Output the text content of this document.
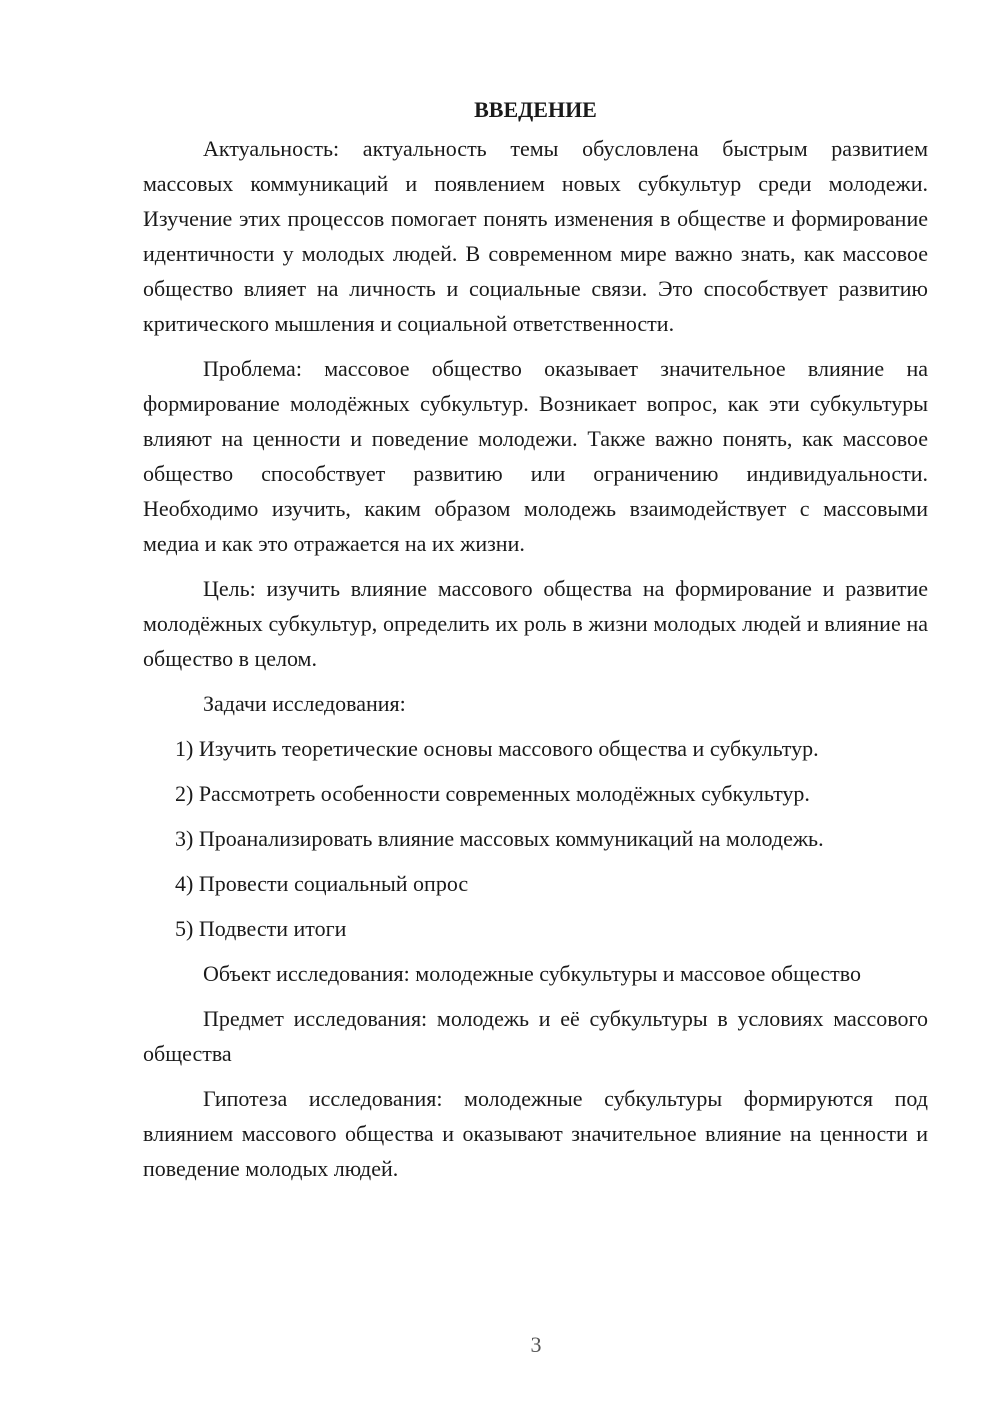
ВВЕДЕНИЕ

Актуальность: актуальность темы обусловлена быстрым развитием массовых коммуникаций и появлением новых субкультур среди молодежи. Изучение этих процессов помогает понять изменения в обществе и формирование идентичности у молодых людей. В современном мире важно знать, как массовое общество влияет на личность и социальные связи. Это способствует развитию критического мышления и социальной ответственности.

Проблема: массовое общество оказывает значительное влияние на формирование молодёжных субкультур. Возникает вопрос, как эти субкультуры влияют на ценности и поведение молодежи. Также важно понять, как массовое общество способствует развитию или ограничению индивидуальности. Необходимо изучить, каким образом молодежь взаимодействует с массовыми медиа и как это отражается на их жизни.

Цель: изучить влияние массового общества на формирование и развитие молодёжных субкультур, определить их роль в жизни молодых людей и влияние на общество в целом.

Задачи исследования:

1) Изучить теоретические основы массового общества и субкультур.

2) Рассмотреть особенности современных молодёжных субкультур.

3) Проанализировать влияние массовых коммуникаций на молодежь.

4) Провести социальный опрос

5) Подвести итоги

Объект исследования: молодежные субкультуры и массовое общество

Предмет исследования: молодежь и её субкультуры в условиях массового общества

Гипотеза исследования: молодежные субкультуры формируются под влиянием массового общества и оказывают значительное влияние на ценности и поведение молодых людей.

3
